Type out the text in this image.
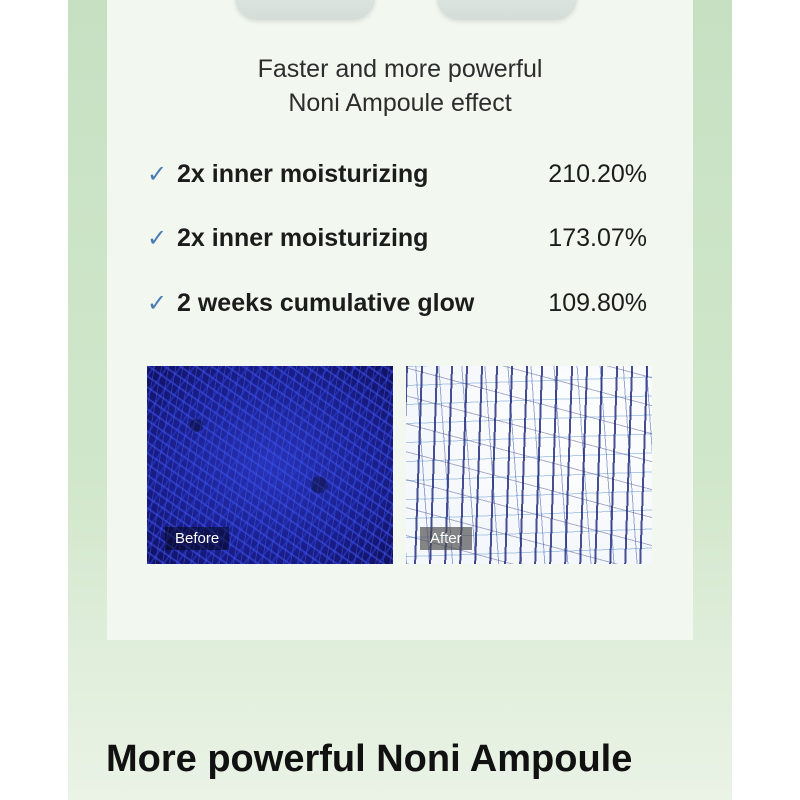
Faster and more powerful
Noni Ampoule effect
✓ 2x inner moisturizing	210.20%
✓ 2x inner moisturizing	173.07%
✓ 2 weeks cumulative glow	109.80%
Before	After
More powerful Noni Ampoule
